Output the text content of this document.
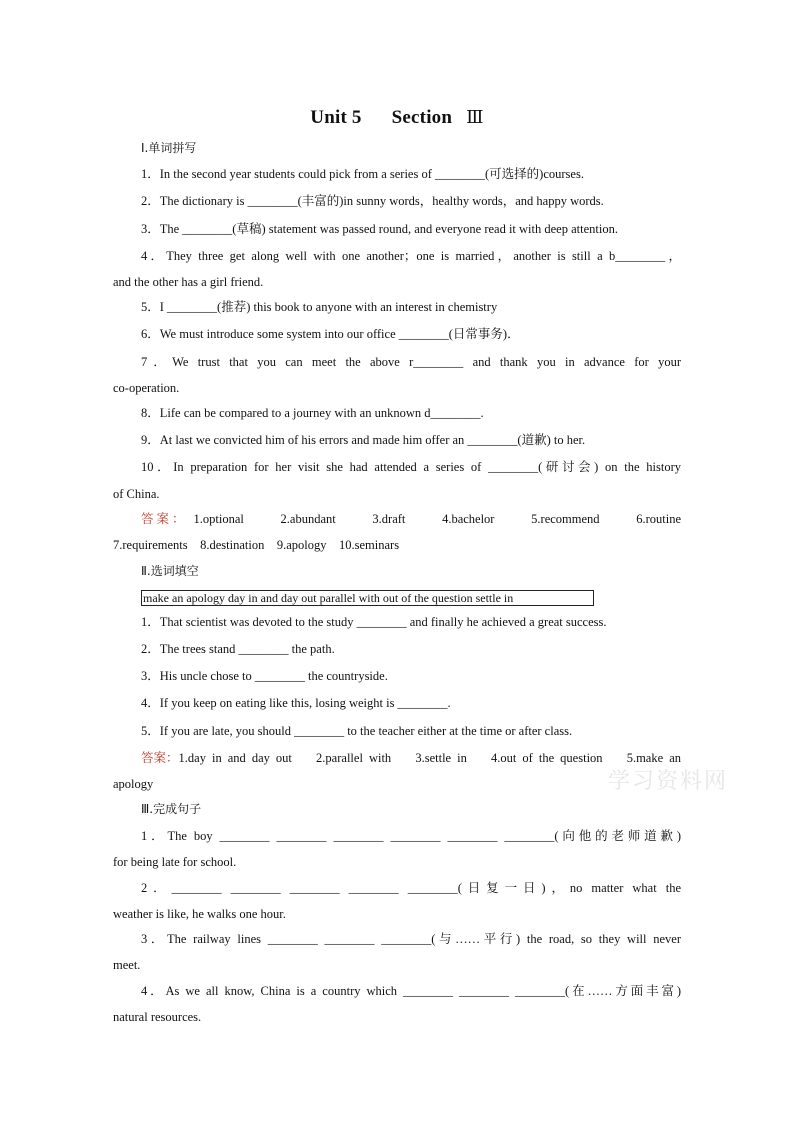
Unit 5 Section Ⅲ
Ⅰ.单词拼写
1．In the second year students could pick from a series of ________(可选择的)courses.
2．The dictionary is ________(丰富的)in sunny words，healthy words，and happy words.
3．The ________(草稿) statement was passed round, and everyone read it with deep attention.
4．They three get along well with one another；one is married，another is still a b________，
and the other has a girl friend.
5．I ________(推荐) this book to anyone with an interest in chemistry
6．We must introduce some system into our office ________(日常事务)．
7．We trust that you can meet the above r________ and thank you in advance for your
co-operation.
8．Life can be compared to a journey with an unknown d________.
9．At last we convicted him of his errors and made him offer an ________(道歉) to her.
10．In preparation for her visit she had attended a series of ________(研讨会) on the history
of China.
答案： 1.optional    2.abundant    3.draft    4.bachelor    5.recommend    6.routine
7.requirements    8.destination    9.apology    10.seminars
Ⅱ.选词填空
make an apology day in and day out parallel with out of the question settle in
1．That scientist was devoted to the study ________ and finally he achieved a great success.
2．The trees stand ________ the path.
3．His uncle chose to ________ the countryside.
4．If you keep on eating like this, losing weight is ________.
5．If you are late, you should ________ to the teacher either at the time or after class.
答案： 1.day in and day out    2.parallel with    3.settle in    4.out of the question    5.make an
apology
Ⅲ.完成句子
1．The boy ________ ________ ________ ________ ________ ________(向他的老师道歉)
for being late for school.
2．________ ________ ________ ________ ________(日复一日)，no matter what the
weather is like, he walks one hour.
3．The railway lines ________ ________ ________(与……平行) the road, so they will never
meet.
4．As we all know, China is a country which ________ ________ ________(在……方面丰富)
natural resources.
学习资料网
